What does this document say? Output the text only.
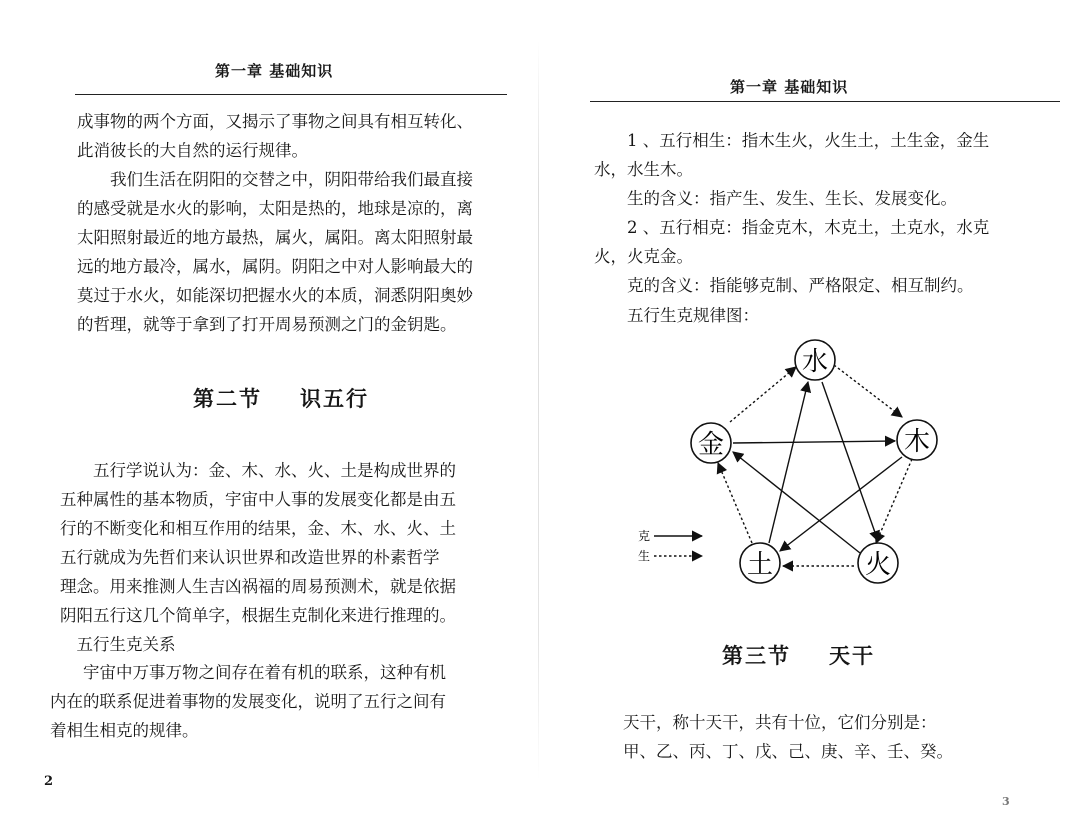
第一章 基础知识
成事物的两个方面，又揭示了事物之间具有相互转化、
此消彼长的大自然的运行规律。
　　我们生活在阴阳的交替之中，阴阳带给我们最直接
的感受就是水火的影响，太阳是热的，地球是凉的，离
太阳照射最近的地方最热，属火，属阳。离太阳照射最
远的地方最冷，属水，属阴。阴阳之中对人影响最大的
莫过于水火，如能深切把握水火的本质，洞悉阴阳奥妙
的哲理，就等于拿到了打开周易预测之门的金钥匙。
第二节 识五行
　　五行学说认为：金、木、水、火、土是构成世界的
五种属性的基本物质，宇宙中人事的发展变化都是由五
行的不断变化和相互作用的结果，金、木、水、火、土
五行就成为先哲们来认识世界和改造世界的朴素哲学
理念。用来推测人生吉凶祸福的周易预测术，就是依据
阴阳五行这几个简单字，根据生克制化来进行推理的。
　五行生克关系
　　宇宙中万事万物之间存在着有机的联系，这种有机
内在的联系促进着事物的发展变化，说明了五行之间有
着相生相克的规律。
2
第一章 基础知识
　　1 、五行相生：指木生火，火生土，土生金，金生
水，水生木。
　　生的含义：指产生、发生、生长、发展变化。
　　2 、五行相克：指金克木，木克土，土克水，水克
火，火克金。
　　克的含义：指能够克制、严格限定、相互制约。
　　五行生克规律图：
水
木
火
土
金
克
生
第三节 天干
　　天干，称十天干，共有十位，它们分别是：
　　甲、乙、丙、丁、戊、己、庚、辛、壬、癸。
3
